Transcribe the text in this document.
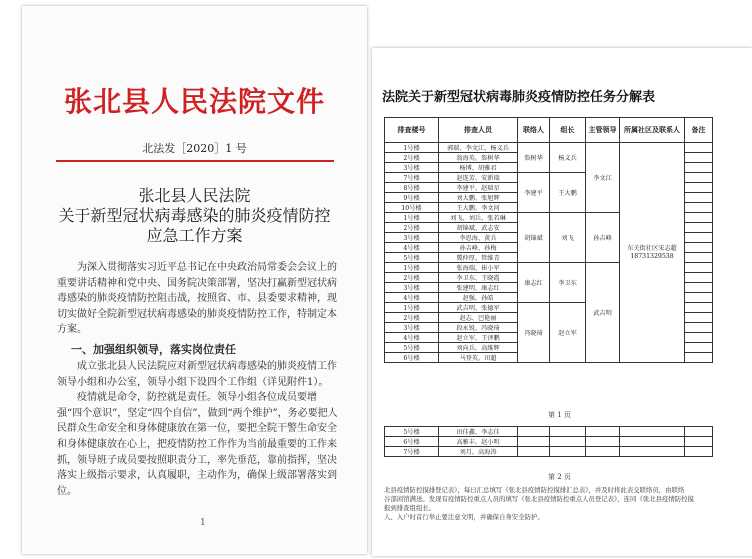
张北县人民法院文件
北法发［2020］1 号
张北县人民法院
关于新型冠状病毒感染的肺炎疫情防控
应急工作方案

为深入贯彻落实习近平总书记在中央政治局常委会会议上的重要讲话精神和党中央、国务院决策部署，坚决打赢新型冠状病毒感染的肺炎疫情防控阻击战，按照省、市、县委要求精神，现切实做好全院新型冠状病毒感染的肺炎疫情防控工作，特制定本方案。

一、加强组织领导，落实岗位责任

成立张北县人民法院应对新型冠状病毒感染的肺炎疫情工作领导小组和办公室，领导小组下设四个工作组（详见附件1）。

疫情就是命令，防控就是责任。领导小组各位成员要增强“四个意识”，坚定“四个自信”，做到“两个维护”，务必要把人民群众生命安全和身体健康放在第一位，要把全院干警生命安全和身体健康放在心上，把疫情防控工作作为当前最重要的工作来抓，领导班子成员要按照职责分工，率先垂范，靠前指挥，坚决落实上级指示要求，认真履职，主动作为，确保上级部署落实到位。

1
法院关于新型冠状病毒肺炎疫情防控任务分解表
排查楼号	排查人员	联络人	组长	主管领导	所属社区及联系人	备注
1号楼	郭瑞、李文江、杨义兵	詹树华	杨义兵	李文江	东关街社区宋志超18731329538	
2号楼	翁海英、詹树华					
3号楼	杨博、胡雅君					
7号楼	赵连芳、安新瑞	李建平	王大鹏			
8号楼	李建平、赵瑞星					
9号楼	刘大鹏、张旭辉					
10号楼	王大鹏、李文河					
1号楼	刘飞、刘兵、张若琳	胡锦斌	刘飞	孙吉峰		
2号楼	胡锦斌、武志安					
3号楼	李思海、黄兵					
4号楼	孙吉峰、孙梅					
5号楼	冀仲厚、管维青					
1号楼	张海瑞、崔小军	康志红	李卫东	武吉明		
2号楼	李卫东、王晓霞					
3号楼	张建明、康志红					
4号楼	赵强、孙皓					
1号楼	武吉明、张德军	冯晓琦	赵立军			
2号楼	赵志、巴艳丽					
3号楼	段永锐、冯晓琦					
4号楼	赵立军、王泽鹏					
5号楼	刘向兵、高维辉					
6号楼	马登英、田超					
第 1 页
5号楼	田佳鑫、李志佳					
6号楼	高雅丰、赵小明					
7号楼	刘月、高海涛					
第 2 页
北县疫情防控摸排登记表》，每日汇总填写《张北县疫情防控摸排汇总表》，并及时将此表交联络员，由联络
谷部闲馆满送。发现有疫情防控重点人员的填写《张北县疫情防控重点人员登记表》，连同《张北县疫情防控摸
报到排查组组长。
人、入户时首行举止要注意文明，并确保自身安全防护。
